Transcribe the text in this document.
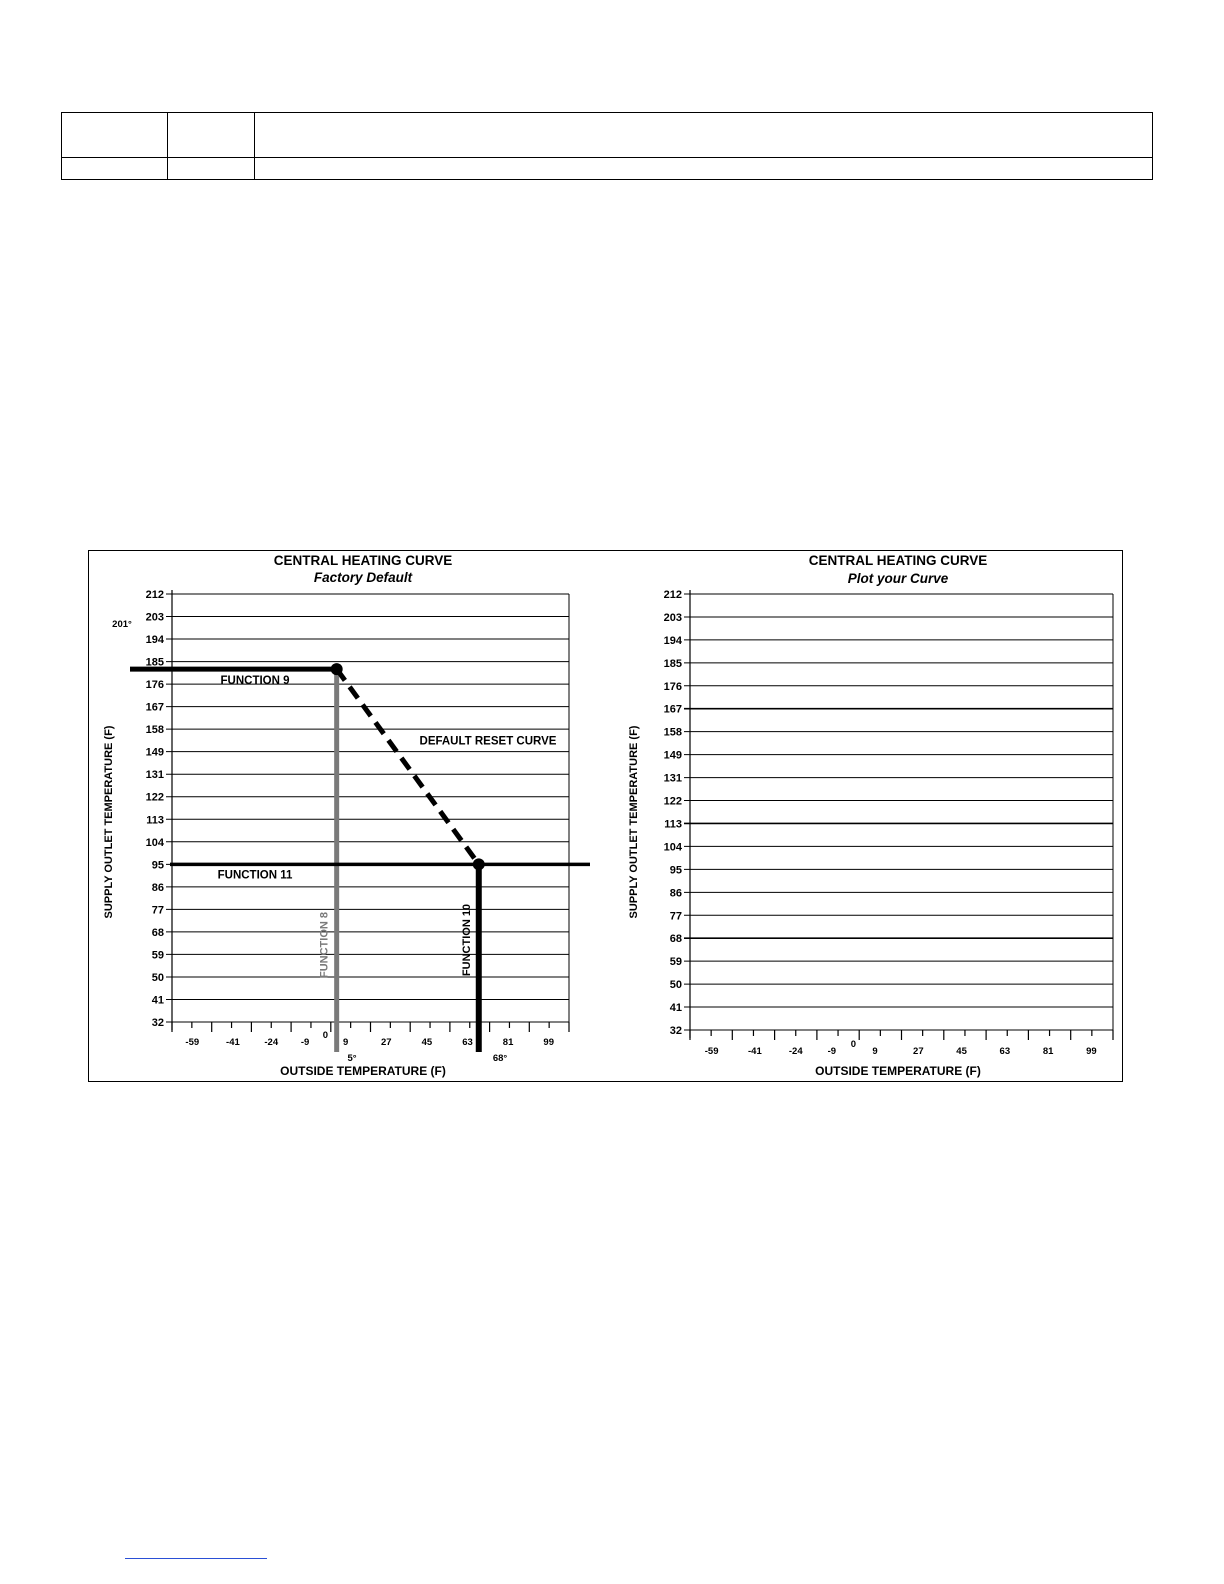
CENTRAL HEATING CURVE
Factory Default
212
203
194
185
176
167
158
149
131
122
113
104
95
86
77
68
59
50
41
32
-59	-41	-24 -9
0
9	27	45	63	81	99
SUPPLY OUTLET TEMPERATURE (F)
OUTSIDE TEMPERATURE (F)
FUNCTION 9
FUNCTION 11
DEFAULT RESET CURVE
FUNCTION 8	FUNCTION 10
201°
5°	68°
CENTRAL HEATING CURVE
Plot your Curve
212
203
194
185
176
167
158
149
131
122
113
104
95
86
77
68
59
50
41
32
-59	-41	-24	-9
0
9	27	45	63	81	99
SUPPLY OUTLET TEMPERATURE (F)
OUTSIDE TEMPERATURE (F)
